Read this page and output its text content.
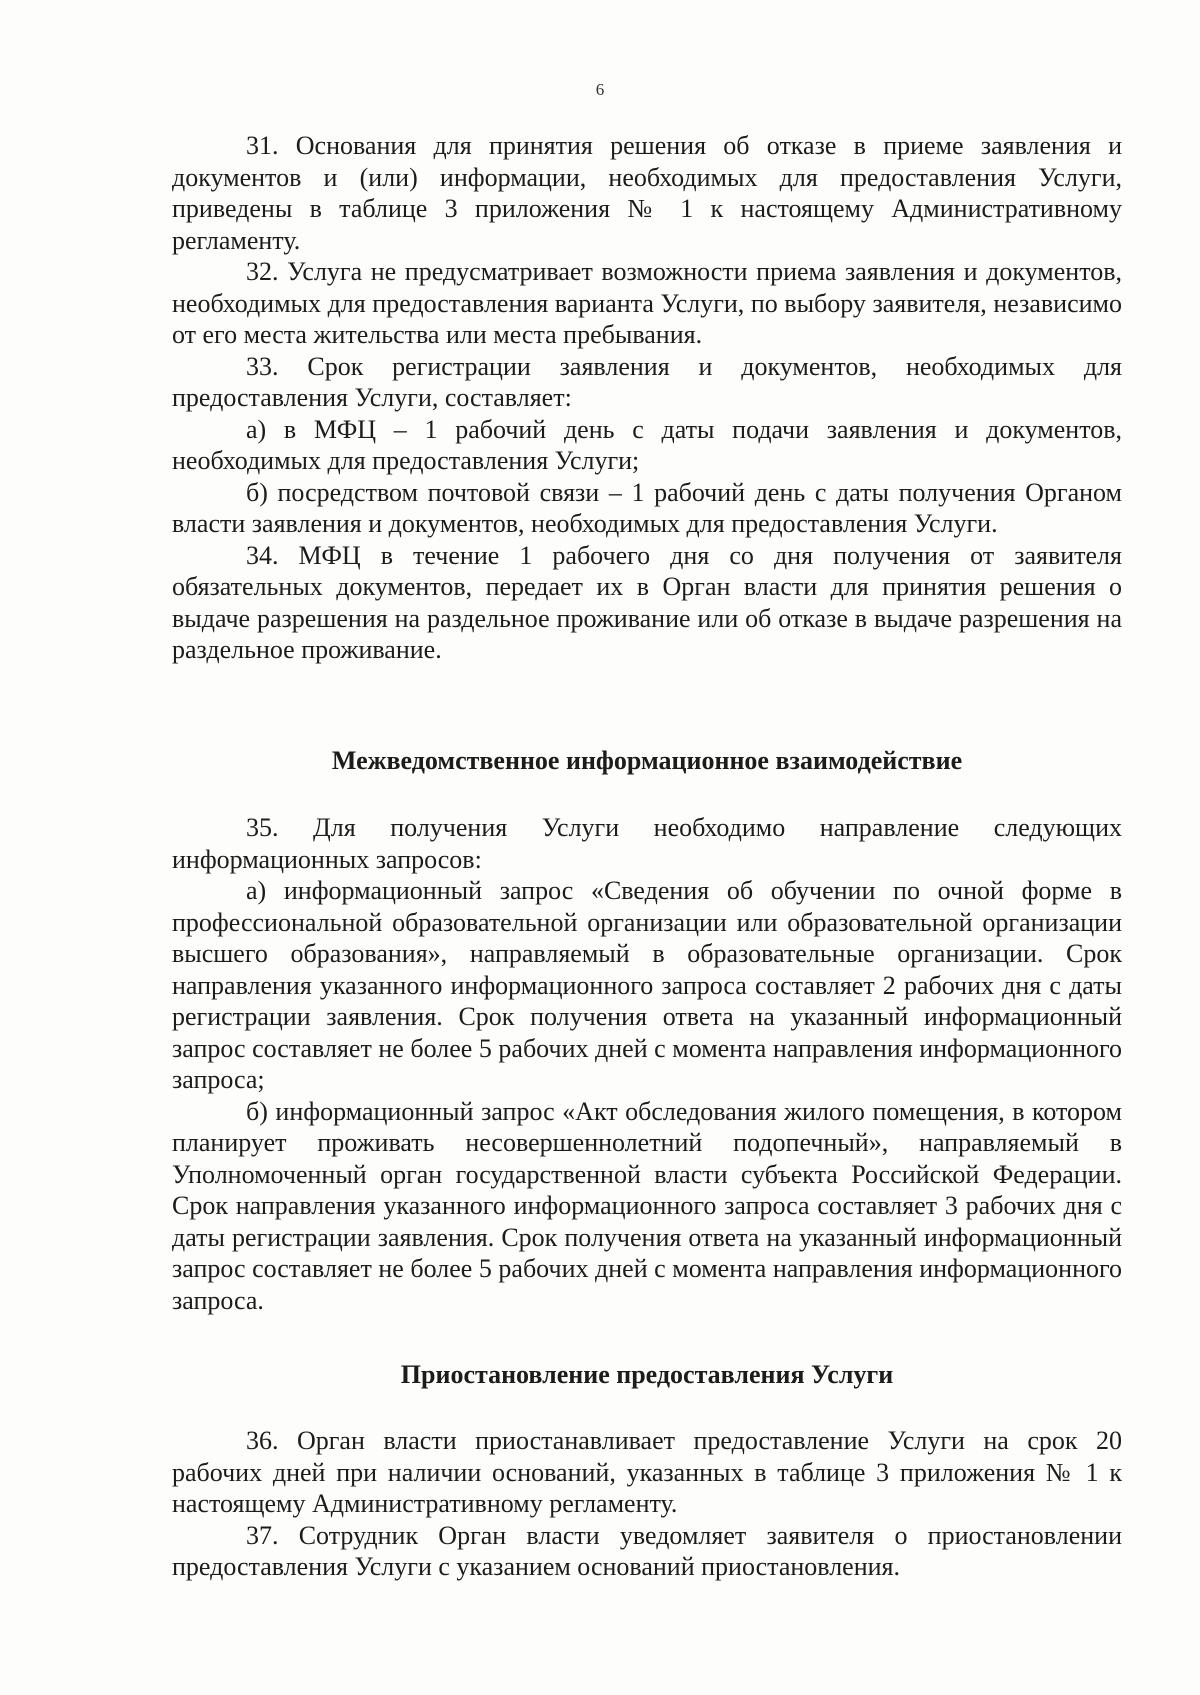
6

31. Основания для принятия решения об отказе в приеме заявления и документов и (или) информации, необходимых для предоставления Услуги, приведены в таблице 3 приложения № 1 к настоящему Административному регламенту.

32. Услуга не предусматривает возможности приема заявления и документов, необходимых для предоставления варианта Услуги, по выбору заявителя, независимо от его места жительства или места пребывания.

33. Срок регистрации заявления и документов, необходимых для предоставления Услуги, составляет:

а) в МФЦ – 1 рабочий день с даты подачи заявления и документов, необходимых для предоставления Услуги;

б) посредством почтовой связи – 1 рабочий день с даты получения Органом власти заявления и документов, необходимых для предоставления Услуги.

34. МФЦ в течение 1 рабочего дня со дня получения от заявителя обязательных документов, передает их в Орган власти для принятия решения о выдаче разрешения на раздельное проживание или об отказе в выдаче разрешения на раздельное проживание.

Межведомственное информационное взаимодействие

35. Для получения Услуги необходимо направление следующих информационных запросов:

а) информационный запрос «Сведения об обучении по очной форме в профессиональной образовательной организации или образовательной организации высшего образования», направляемый в образовательные организации. Срок направления указанного информационного запроса составляет 2 рабочих дня с даты регистрации заявления. Срок получения ответа на указанный информационный запрос составляет не более 5 рабочих дней с момента направления информационного запроса;

б) информационный запрос «Акт обследования жилого помещения, в котором планирует проживать несовершеннолетний подопечный», направляемый в Уполномоченный орган государственной власти субъекта Российской Федерации. Срок направления указанного информационного запроса составляет 3 рабочих дня с даты регистрации заявления. Срок получения ответа на указанный информационный запрос составляет не более 5 рабочих дней с момента направления информационного запроса.

Приостановление предоставления Услуги

36. Орган власти приостанавливает предоставление Услуги на срок 20 рабочих дней при наличии оснований, указанных в таблице 3 приложения № 1 к настоящему Административному регламенту.

37. Сотрудник Орган власти уведомляет заявителя о приостановлении предоставления Услуги с указанием оснований приостановления.
